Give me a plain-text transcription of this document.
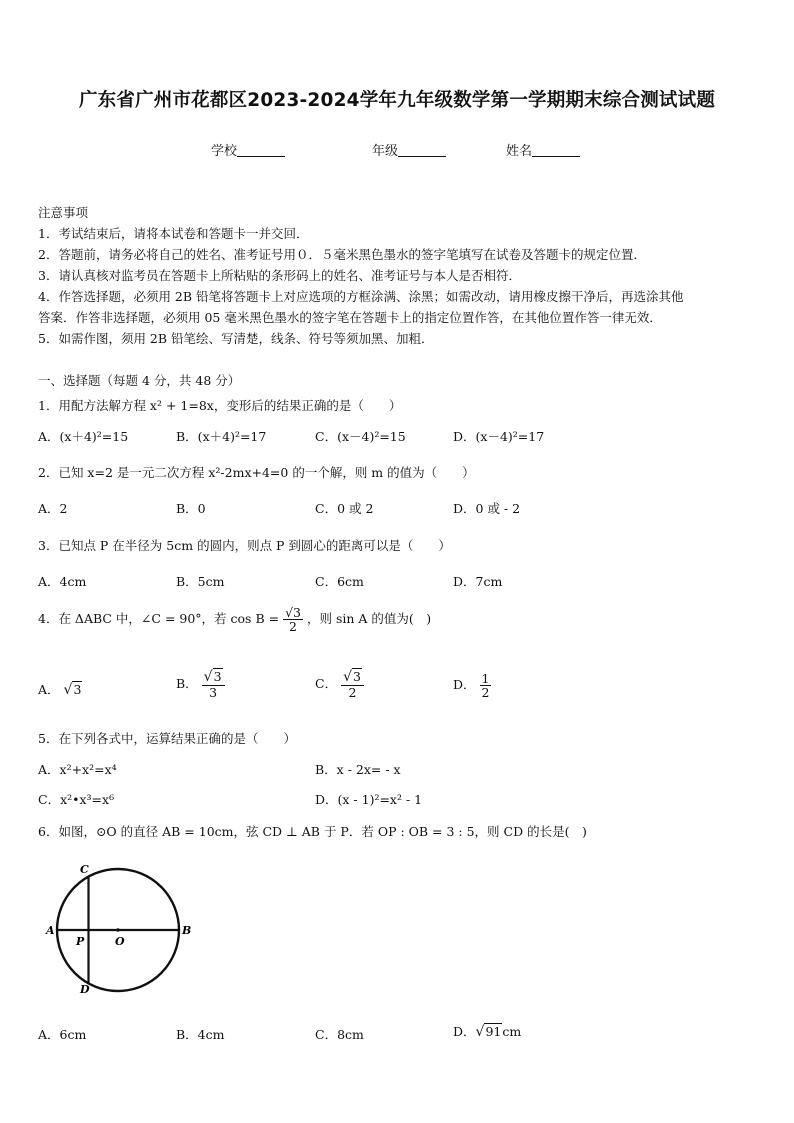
广东省广州市花都区2023-2024学年九年级数学第一学期期末综合测试试题
学校	年级	姓名
注意事项
1．考试结束后，请将本试卷和答题卡一并交回．
2．答题前，请务必将自己的姓名、准考证号用０．５毫米黑色墨水的签字笔填写在试卷及答题卡的规定位置．
3．请认真核对监考员在答题卡上所粘贴的条形码上的姓名、准考证号与本人是否相符．
4．作答选择题，必须用 2B 铅笔将答题卡上对应选项的方框涂满、涂黑；如需改动，请用橡皮擦干净后，再选涂其他
答案．作答非选择题，必须用 05 毫米黑色墨水的签字笔在答题卡上的指定位置作答，在其他位置作答一律无效．
5．如需作图，须用 2B 铅笔绘、写清楚，线条、符号等须加黑、加粗．
一、选择题（每题 4 分，共 48 分）
1．用配方法解方程 x² + 1=8x，变形后的结果正确的是（　　）
A．(x＋4)²=15	B．(x＋4)²=17	C．(x－4)²=15	D．(x－4)²=17
2．已知 x=2 是一元二次方程 x²-2mx+4=0 的一个解，则 m 的值为（　　）
A．2	B．0	C．0 或 2	D．0 或 - 2
3．已知点 P 在半径为 5cm 的圆内，则点 P 到圆心的距离可以是（　　）
A．4cm	B．5cm	C．6cm	D．7cm
4．在 ΔABC 中，∠C = 90°，若 $\cos B = \frac{√3}{2}$ ，则 sin A 的值为(　)
A． √3	B． $\frac{√3}{3}$	C． $\frac{√3}{2}$	D． $\frac{1}{2}$
5．在下列各式中，运算结果正确的是（　　）
A．x²+x²=x⁴	B．x - 2x= - x
C．x²•x³=x⁶	D．(x - 1)²=x² - 1
6．如图，⊙O 的直径 AB = 10cm，弦 CD ⊥ AB 于 P．若 OP : OB = 3 : 5，则 CD 的长是(　)
A	B
C
D
P	O
A．6cm	B．4cm	C．8cm	D．√91cm
